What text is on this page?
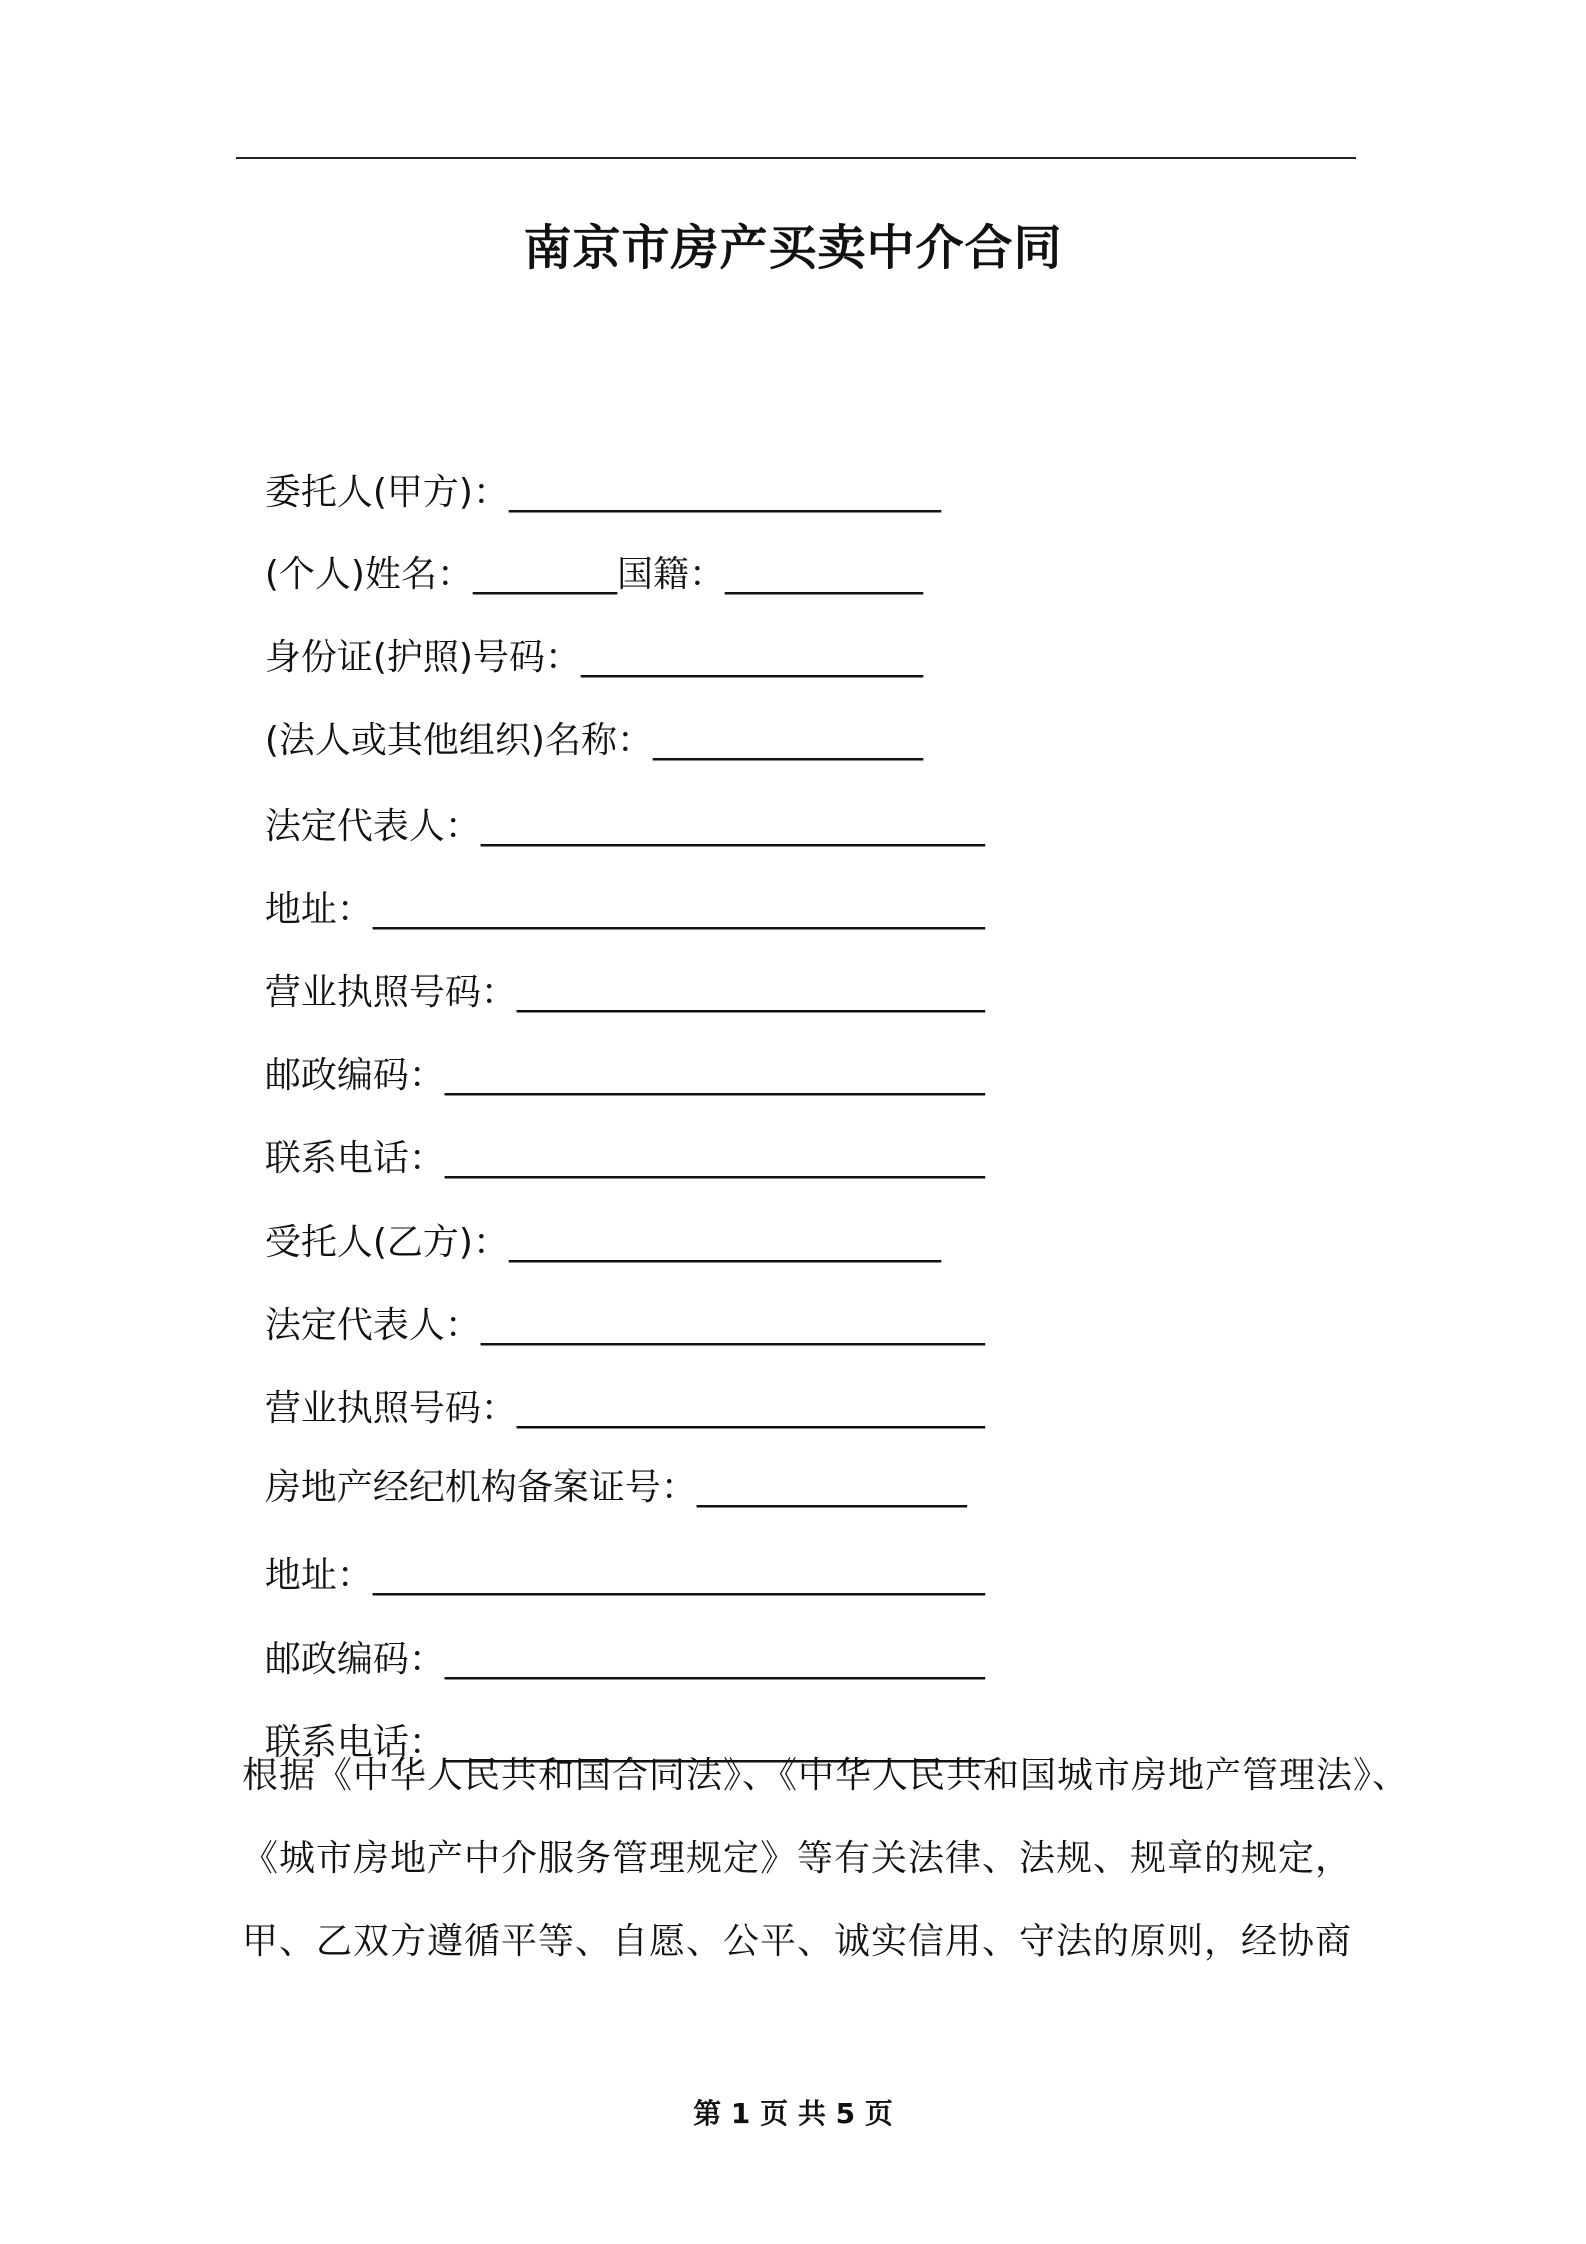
南京市房产买卖中介合同

委托人(甲方)：________________________

(个人)姓名：________国籍：___________

身份证(护照)号码：___________________

(法人或其他组织)名称：_______________

法定代表人：____________________________

地址：__________________________________

营业执照号码：__________________________

邮政编码：______________________________

联系电话：______________________________

受托人(乙方)：________________________

法定代表人：____________________________

营业执照号码：__________________________

房地产经纪机构备案证号：_______________

地址：__________________________________

邮政编码：______________________________

联系电话：______________________________

根据《中华人民共和国合同法》、《中华人民共和国城市房地产管理法》、
《城市房地产中介服务管理规定》等有关法律、法规、规章的规定，
甲、乙双方遵循平等、自愿、公平、诚实信用、守法的原则，经协商
第 1 页 共 5 页
